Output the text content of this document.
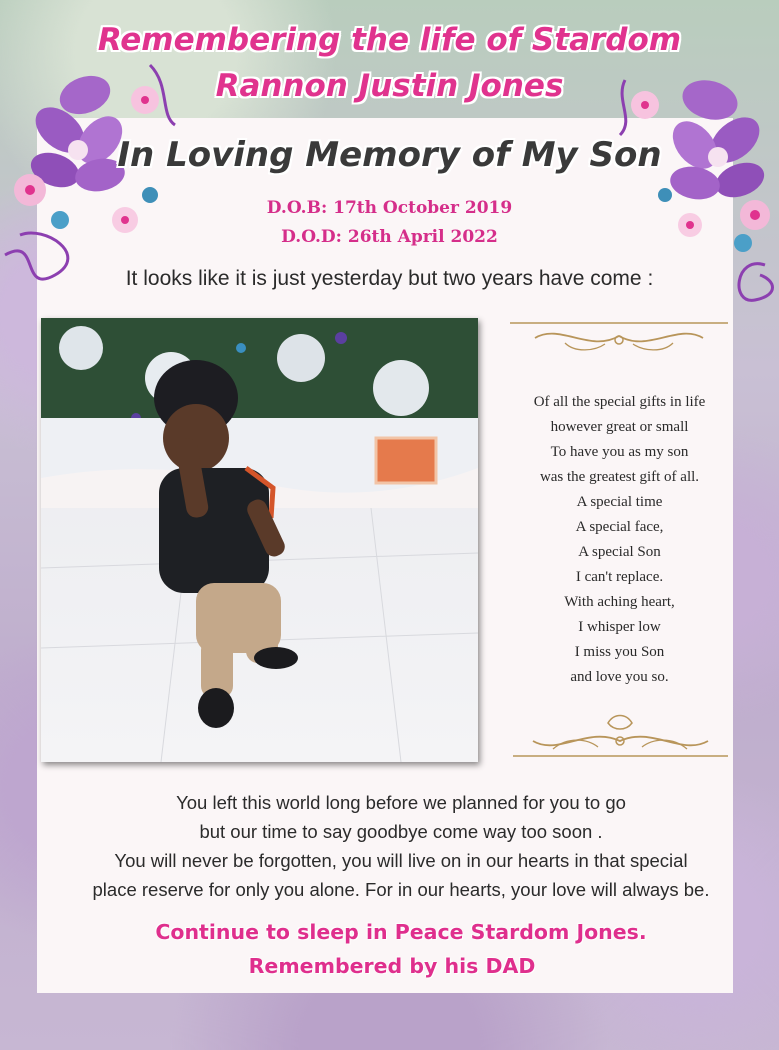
Remembering the life of Stardom
Rannon Justin Jones
In Loving Memory of My Son
D.O.B: 17th October 2019
D.O.D: 26th April 2022
It looks like it is just yesterday but two years have come :
Of all the special gifts in life
however great or small
To have you as my son
was the greatest gift of all.
A special time
A special face,
A special Son
I can't replace.
With aching heart,
I whisper low
I miss you Son
and love you so.
You left this world long before we planned for you to go
but our time to say goodbye come way too soon .
You will never be forgotten, you will live on in our hearts in that special
place reserve for only you alone. For in our hearts, your love will always be.
Continue to sleep in Peace Stardom Jones.
Remembered by his DAD
